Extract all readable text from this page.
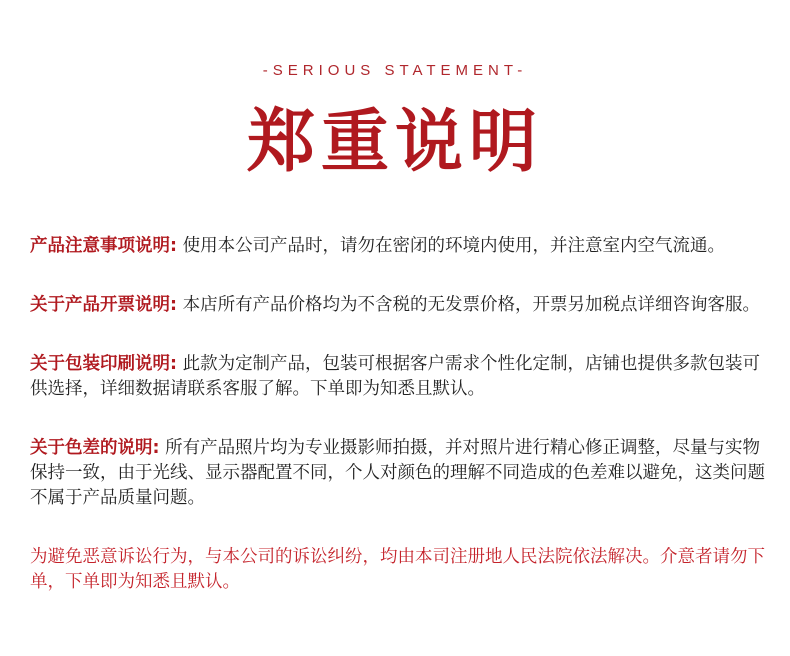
-SERIOUS STATEMENT-
郑重说明

产品注意事项说明: 使用本公司产品时，请勿在密闭的环境内使用，并注意室内空气流通。

关于产品开票说明: 本店所有产品价格均为不含税的无发票价格，开票另加税点详细咨询客服。

关于包装印刷说明: 此款为定制产品，包装可根据客户需求个性化定制，店铺也提供多款包装可供选择，详细数据请联系客服了解。下单即为知悉且默认。

关于色差的说明: 所有产品照片均为专业摄影师拍摄，并对照片进行精心修正调整，尽量与实物保持一致，由于光线、显示器配置不同，个人对颜色的理解不同造成的色差难以避免，这类问题不属于产品质量问题。

为避免恶意诉讼行为，与本公司的诉讼纠纷，均由本司注册地人民法院依法解决。介意者请勿下单，下单即为知悉且默认。
